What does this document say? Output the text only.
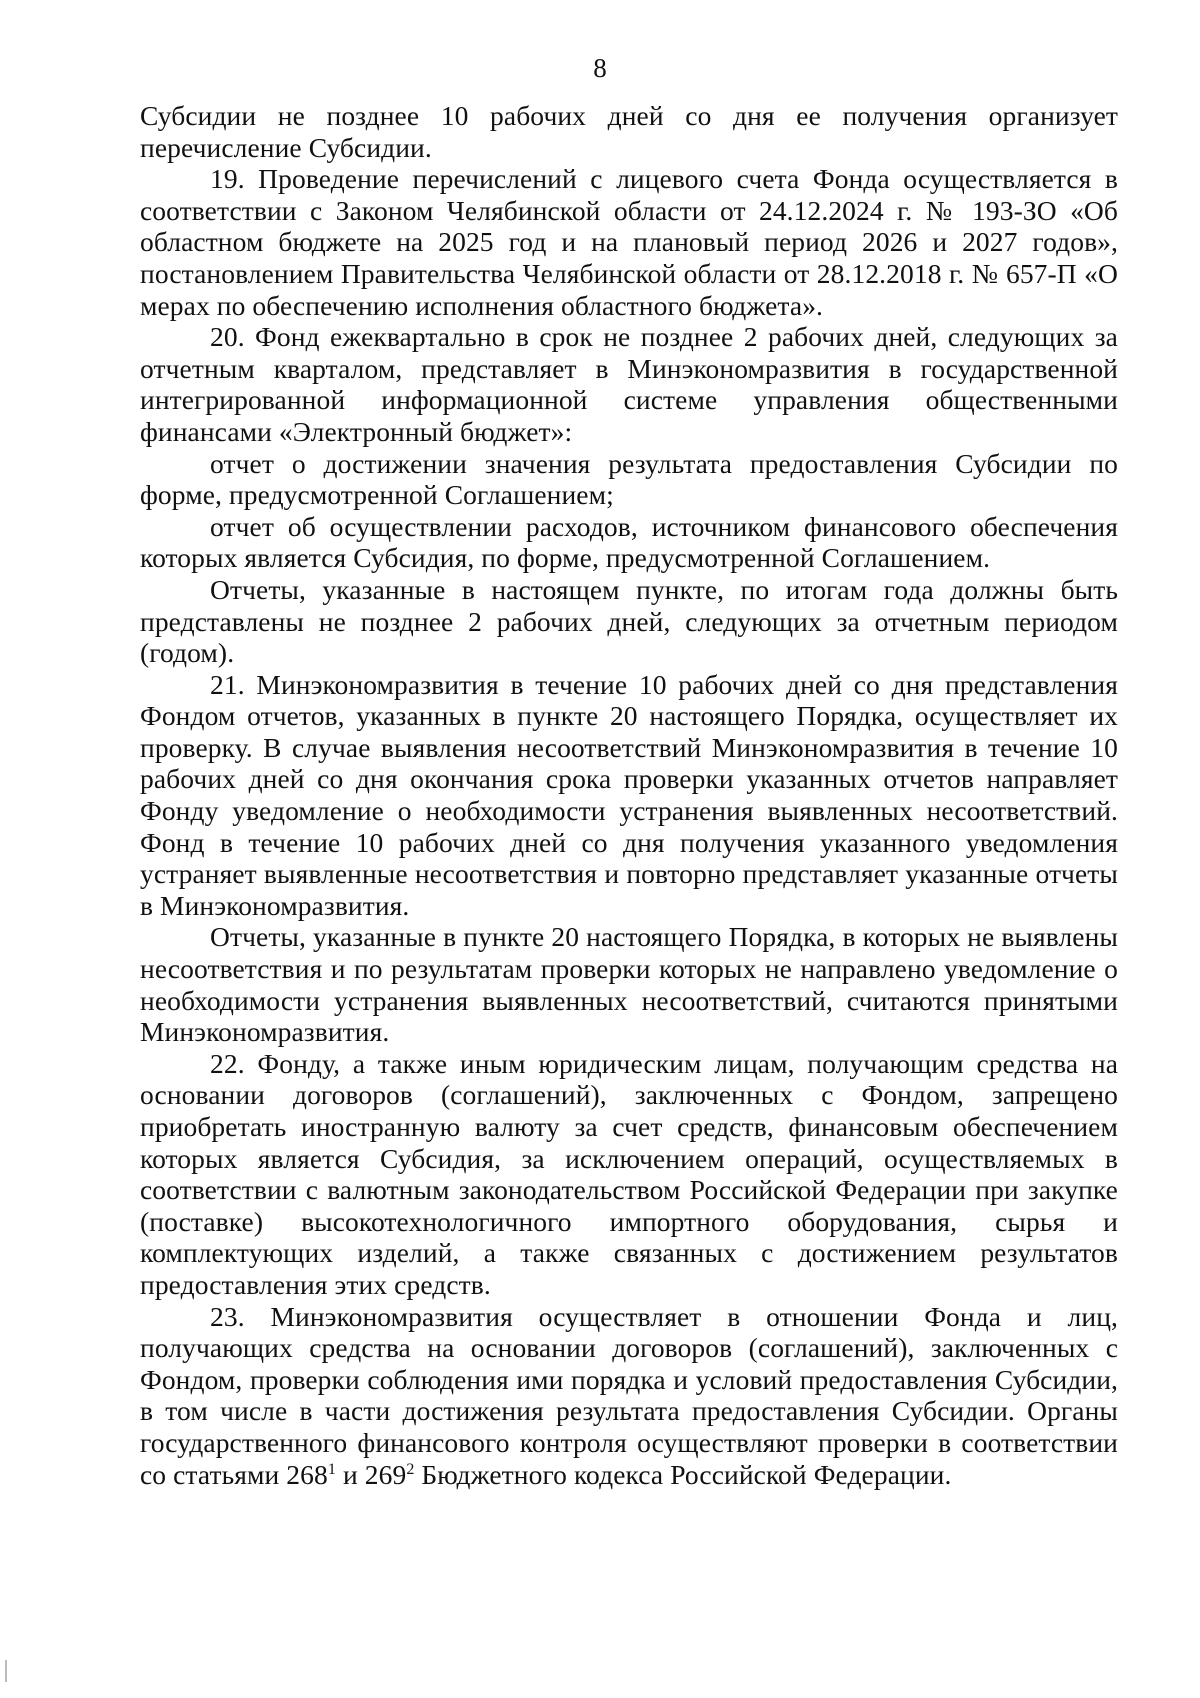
8

Субсидии не позднее 10 рабочих дней со дня ее получения организует перечисление Субсидии.

19. Проведение перечислений с лицевого счета Фонда осуществляется в соответствии с Законом Челябинской области от 24.12.2024 г. № 193-ЗО «Об областном бюджете на 2025 год и на плановый период 2026 и 2027 годов», постановлением Правительства Челябинской области от 28.12.2018 г. № 657-П «О мерах по обеспечению исполнения областного бюджета».

20. Фонд ежеквартально в срок не позднее 2 рабочих дней, следующих за отчетным кварталом, представляет в Минэкономразвития в государственной интегрированной информационной системе управления общественными финансами «Электронный бюджет»:

отчет о достижении значения результата предоставления Субсидии по форме, предусмотренной Соглашением;

отчет об осуществлении расходов, источником финансового обеспечения которых является Субсидия, по форме, предусмотренной Соглашением.

Отчеты, указанные в настоящем пункте, по итогам года должны быть представлены не позднее 2 рабочих дней, следующих за отчетным периодом (годом).

21. Минэкономразвития в течение 10 рабочих дней со дня представления Фондом отчетов, указанных в пункте 20 настоящего Порядка, осуществляет их проверку. В случае выявления несоответствий Минэкономразвития в течение 10 рабочих дней со дня окончания срока проверки указанных отчетов направляет Фонду уведомление о необходимости устранения выявленных несоответствий. Фонд в течение 10 рабочих дней со дня получения указанного уведомления устраняет выявленные несоответствия и повторно представляет указанные отчеты в Минэкономразвития.

Отчеты, указанные в пункте 20 настоящего Порядка, в которых не выявлены несоответствия и по результатам проверки которых не направлено уведомление о необходимости устранения выявленных несоответствий, считаются принятыми Минэкономразвития.

22. Фонду, а также иным юридическим лицам, получающим средства на основании договоров (соглашений), заключенных с Фондом, запрещено приобретать иностранную валюту за счет средств, финансовым обеспечением которых является Субсидия, за исключением операций, осуществляемых в соответствии с валютным законодательством Российской Федерации при закупке (поставке) высокотехнологичного импортного оборудования, сырья и комплектующих изделий, а также связанных с достижением результатов предоставления этих средств.

23. Минэкономразвития осуществляет в отношении Фонда и лиц, получающих средства на основании договоров (соглашений), заключенных с Фондом, проверки соблюдения ими порядка и условий предоставления Субсидии, в том числе в части достижения результата предоставления Субсидии. Органы государственного финансового контроля осуществляют проверки в соответствии со статьями $268^1$ и $269^2$ Бюджетного кодекса Российской Федерации.
